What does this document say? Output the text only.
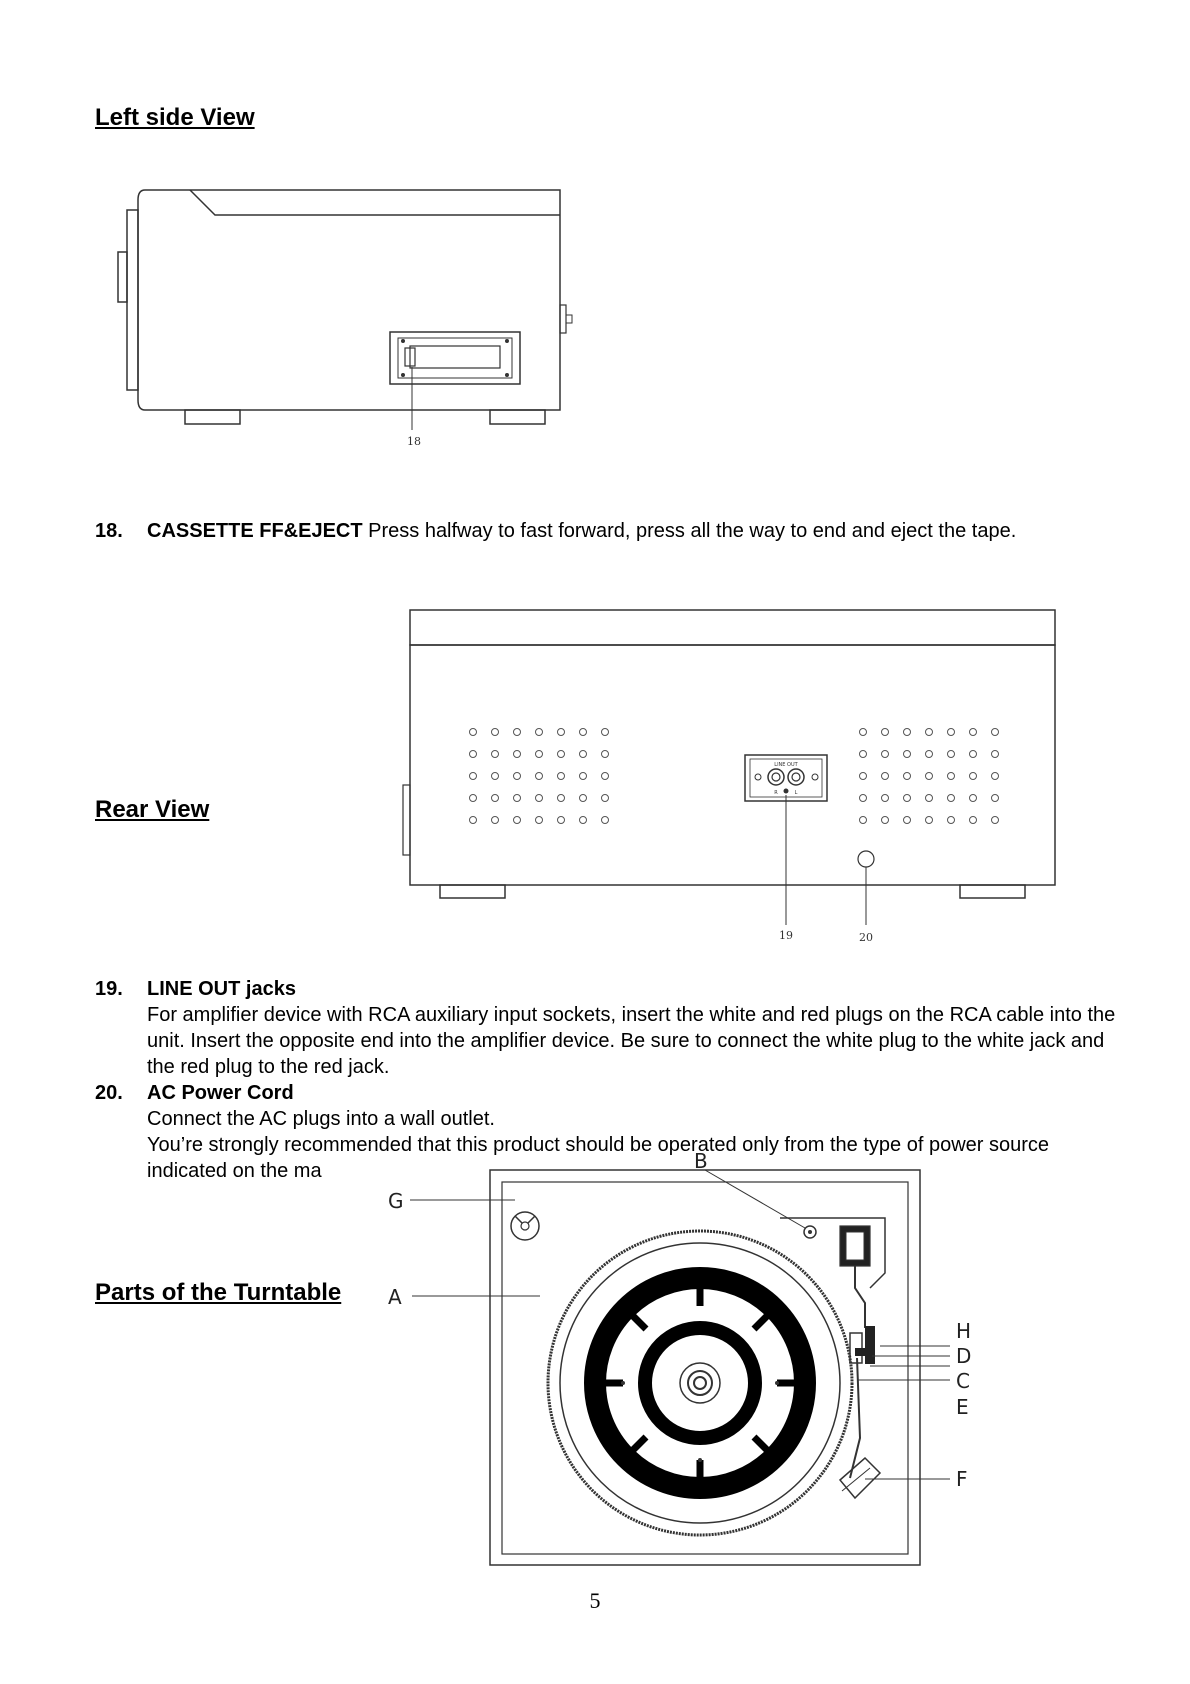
Left side View
18
18. CASSETTE FF&EJECT Press halfway to fast forward, press all the way to end and eject the tape.
Rear View
LINE OUT
R	L
19	20
19. LINE OUT jacks
For amplifier device with RCA auxiliary input sockets, insert the white and red plugs on the RCA cable into the unit. Insert the opposite end into the amplifier device. Be sure to connect the white plug to the white jack and the red plug to the red jack.
20. AC Power Cord
Connect the AC plugs into a wall outlet.
You’re strongly recommended that this product should be operated only from the type of power source indicated on the ma
Parts of the Turntable
G
A
B
H
D
C
E
F
5
